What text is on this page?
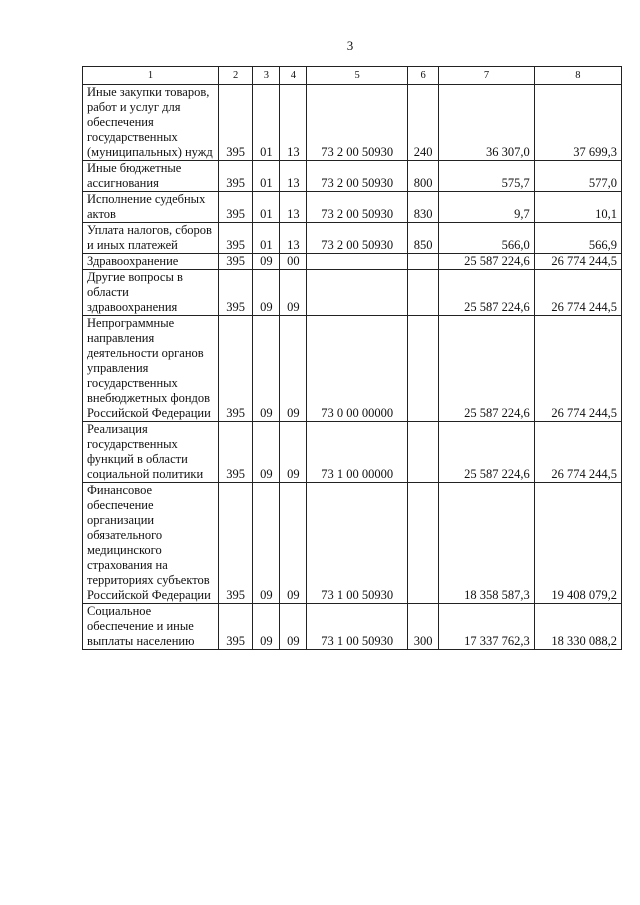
3
1	2	3	4	5	6	7	8
Иные закупки товаров, работ и услуг для обеспечения государственных (муниципальных) нужд	395	01	13	73 2 00 50930	240	36 307,0	37 699,3
Иные бюджетные ассигнования	395	01	13	73 2 00 50930	800	575,7	577,0
Исполнение судебных актов	395	01	13	73 2 00 50930	830	9,7	10,1
Уплата налогов, сборов и иных платежей	395	01	13	73 2 00 50930	850	566,0	566,9
Здравоохранение	395	09	00			25 587 224,6	26 774 244,5
Другие вопросы в области здравоохранения	395	09	09			25 587 224,6	26 774 244,5
Непрограммные направления деятельности органов управления государственных внебюджетных фондов Российской Федерации	395	09	09	73 0 00 00000		25 587 224,6	26 774 244,5
Реализация государственных функций в области социальной политики	395	09	09	73 1 00 00000		25 587 224,6	26 774 244,5
Финансовое обеспечение организации обязательного медицинского страхования на территориях субъектов Российской Федерации	395	09	09	73 1 00 50930		18 358 587,3	19 408 079,2
Социальное обеспечение и иные выплаты населению	395	09	09	73 1 00 50930	300	17 337 762,3	18 330 088,2
